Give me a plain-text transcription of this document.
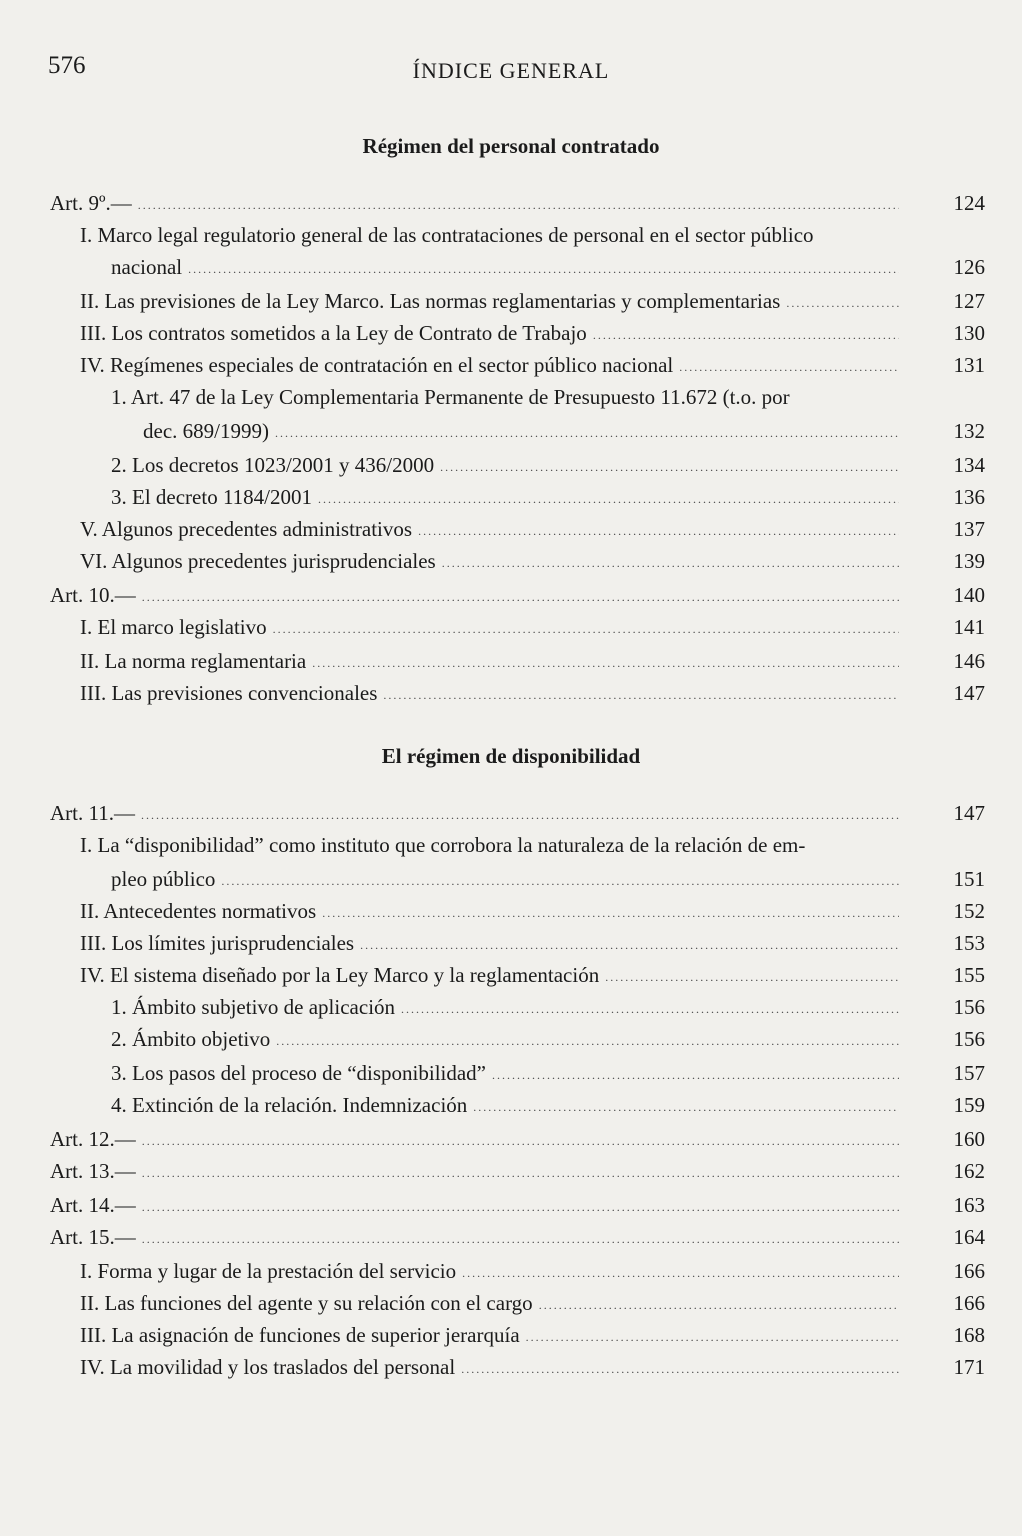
576	ÍNDICE GENERAL
Régimen del personal contratado
Art. 9º.— .....	124
I. Marco legal regulatorio general de las contrataciones de personal en el sector público
nacional .....	126
II. Las previsiones de la Ley Marco. Las normas reglamentarias y complementarias .....	127
III. Los contratos sometidos a la Ley de Contrato de Trabajo .....	130
IV. Regímenes especiales de contratación en el sector público nacional .....	131
1. Art. 47 de la Ley Complementaria Permanente de Presupuesto 11.672 (t.o. por
dec. 689/1999) .....	132
2. Los decretos 1023/2001 y 436/2000 .....	134
3. El decreto 1184/2001 .....	136
V. Algunos precedentes administrativos .....	137
VI. Algunos precedentes jurisprudenciales .....	139
Art. 10.— .....	140
I. El marco legislativo .....	141
II. La norma reglamentaria .....	146
III. Las previsiones convencionales .....	147
El régimen de disponibilidad
Art. 11.— .....	147
I. La “disponibilidad” como instituto que corrobora la naturaleza de la relación de em-
pleo público .....	151
II. Antecedentes normativos .....	152
III. Los límites jurisprudenciales .....	153
IV. El sistema diseñado por la Ley Marco y la reglamentación .....	155
1. Ámbito subjetivo de aplicación .....	156
2. Ámbito objetivo .....	156
3. Los pasos del proceso de “disponibilidad” .....	157
4. Extinción de la relación. Indemnización .....	159
Art. 12.— .....	160
Art. 13.— .....	162
Art. 14.— .....	163
Art. 15.— .....	164
I. Forma y lugar de la prestación del servicio .....	166
II. Las funciones del agente y su relación con el cargo .....	166
III. La asignación de funciones de superior jerarquía .....	168
IV. La movilidad y los traslados del personal .....	171
